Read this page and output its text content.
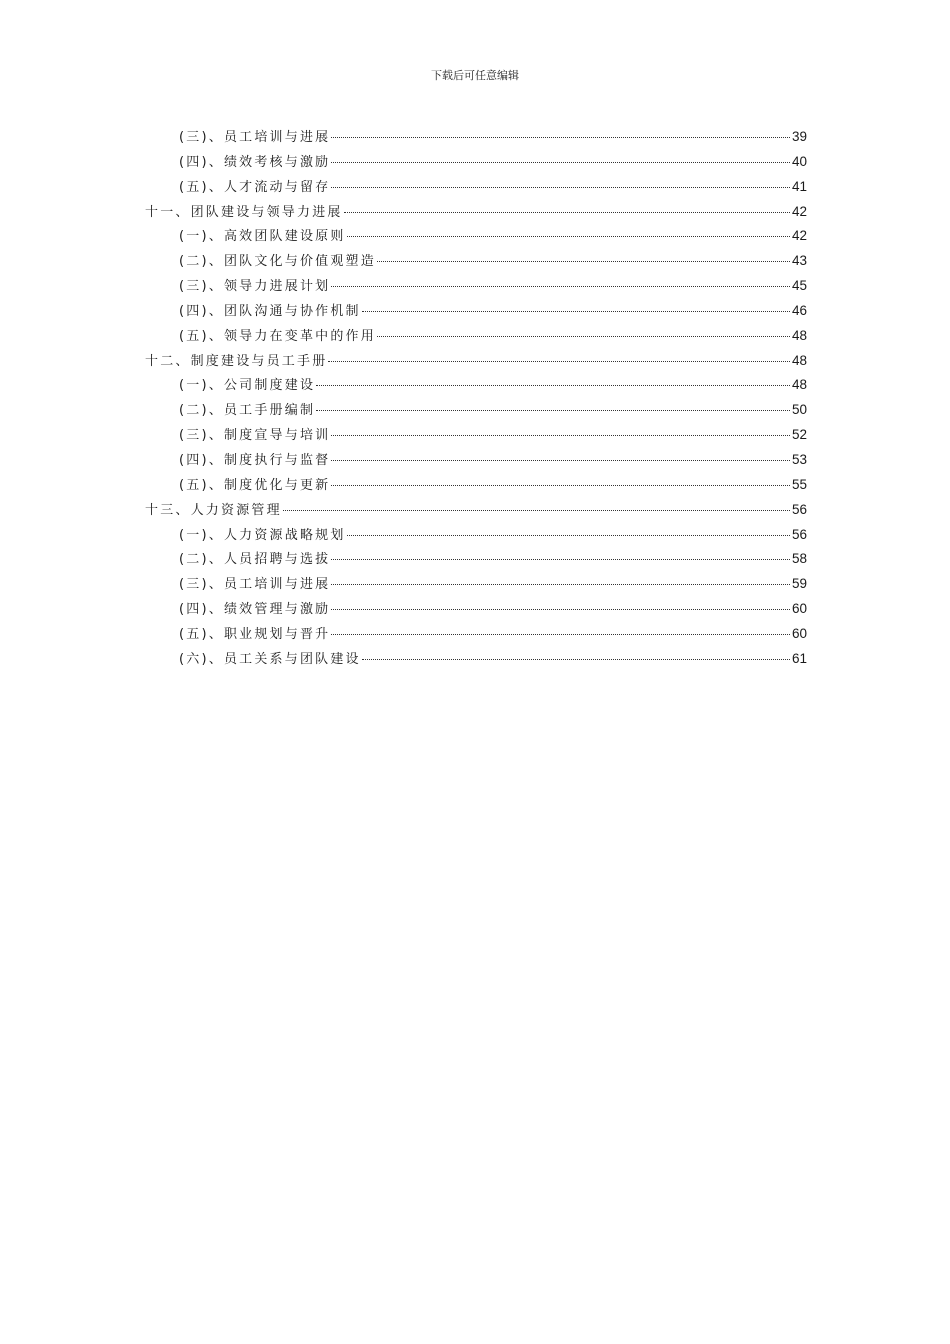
下载后可任意编辑
(三)、员工培训与进展	39
(四)、绩效考核与激励	40
(五)、人才流动与留存	41
十一、团队建设与领导力进展	42
(一)、高效团队建设原则	42
(二)、团队文化与价值观塑造	43
(三)、领导力进展计划	45
(四)、团队沟通与协作机制	46
(五)、领导力在变革中的作用	48
十二、制度建设与员工手册	48
(一)、公司制度建设	48
(二)、员工手册编制	50
(三)、制度宣导与培训	52
(四)、制度执行与监督	53
(五)、制度优化与更新	55
十三、人力资源管理	56
(一)、人力资源战略规划	56
(二)、人员招聘与选拔	58
(三)、员工培训与进展	59
(四)、绩效管理与激励	60
(五)、职业规划与晋升	60
(六)、员工关系与团队建设	61
